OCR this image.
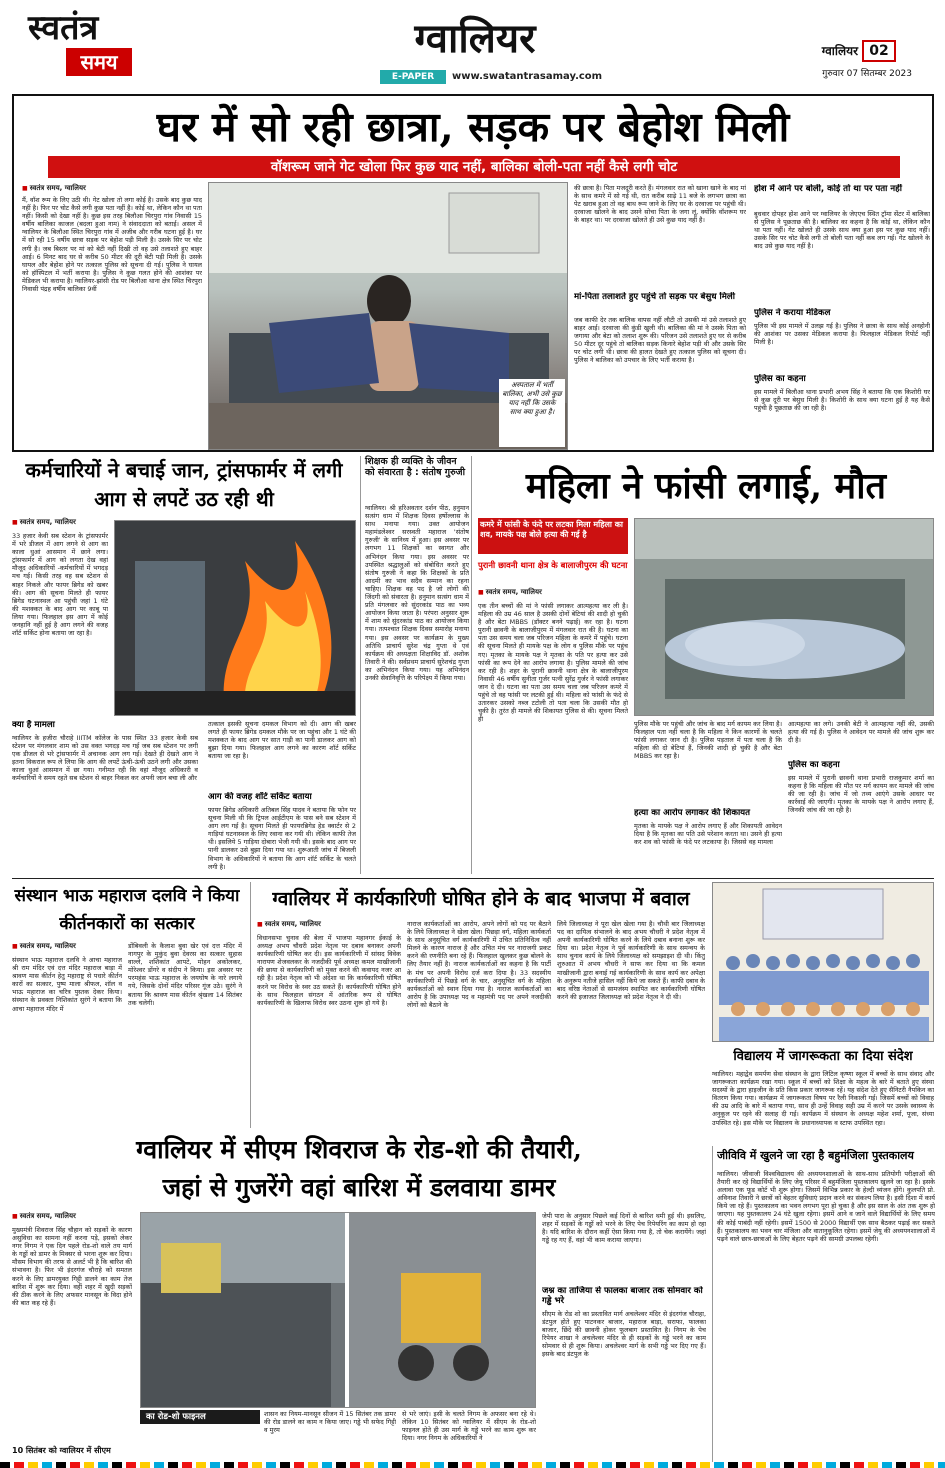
स्वतंत्र
समय	ग्वालियर
E-PAPER	www.swatantrasamay.com
ग्वालियर 02
गुरुवार 07 सितम्बर 2023
घर में सो रही छात्रा, सड़क पर बेहोश मिली
वॉशरूम जाने गेट खोला फिर कुछ याद नहीं, बालिका बोली-पता नहीं कैसे लगी चोट
■ स्वतंत्र समय, ग्वालियर
मैं, वॉश रूम के लिए उठी थी। गेट खोला तो लगा कोई है। उसके बाद कुछ याद नहीं है। फिर पर चोट कैसे लगी कुछ पता नहीं है। कोई था, लेकिन कौन था पता नहीं। किसी को देखा नहीं है। कुछ इस तरह बिलौआ चिरपुरा गांव निवासी 15 वर्षीय बालिका काजल (बदला हुआ नाम) ने संवाददाता को बताई। असल में ग्वालियर के बिलौआ स्थित चिरपुरा गांव में अजीब और गरीब घटना हुई है। घर में सो रही 15 वर्षीय छात्रा सड़क पर बेहोश पड़ी मिली है। उसके सिर पर चोट लगी है। जब बिस्तर पर मां को बेटी नहीं दिखी तो वह उसे तलाशते हुए बाहर आई। 6 मिनट बाद घर से करीब 50 मीटर की दूरी बेटी पड़ी मिली है। उसके घायल और बेहोश होने पर तत्काल पुलिस को सूचना दी गई। पुलिस ने घायल को हॉस्पिटल में भर्ती कराया है। पुलिस ने कुछ गलत होने की आशंका पर मेडिकल भी कराया है। ग्वालियर-झांसी रोड पर बिलौआ थाना क्षेत्र स्थित चिरपुरा निवासी पंद्रह वर्षीय बालिका 9वीं
अस्पताल में भर्ती बालिका, अभी उसे कुछ याद नहीं कि उसके साथ क्या हुआ है।
की छात्रा है। पिता मजदूरी करते हैं। मंगलवार रात को खाना खाने के बाद मां के साथ कमरे में सो गई थी, रात करीब साढ़े 11 बजे के लगभग छात्रा का पेट खराब हुआ तो वह बाथ रूम जाने के लिए घर के दरवाजा पर पहुंची थी। दरवाजा खोलने के बाद उसने सोचा पिता के जगा लूं, क्योंकि वॉशरूम घर के बाहर था। पर दरवाजा खोलते ही उसे कुछ याद नहीं है।
मां-पिता तलाशते हुए पहुंचे तो सड़क पर बेसुध मिली
जब काफी देर तक बालिक वापस नहीं लौटी तो उसकी मां उसे तलाशते हुए बाहर आई। दरवाजा की कुंडी खुली थी। बालिका की मां ने उसके पिता को जगाया और बेटा को तलाश शुरू की। परिजन उसे तलाशते हुए घर से करीब 50 मीटर दूर पहुंचे तो बालिका सड़क किनारे बेहोश पड़ी थी और उसके सिर पर चोट लगी थी। छात्रा की हालत देखते हुए तत्काल पुलिस को सूचना दी। पुलिस ने बालिका को उपचार के लिए भर्ती कराया है।
होश में आने पर बोली, कोई तो था पर पता नहीं
बुधवार दोपहर होश आने पर ग्वालियर के जेएएच स्थित ट्रॉमा सेंटर में बालिका से पुलिस ने पूछताछ की है। बालिका का कहना है कि कोई था, लेकिन कौन था पता नहीं। गेट खोलते ही उसके साथ क्या हुआ इस पर कुछ याद नहीं। उसके सिर पर चोट कैसे लगी तो बोली पता नहीं कब लग गई। गेट खोलने के बाद उसे कुछ याद नहीं है।
पुलिस ने कराया मेडिकल
पुलिस भी इस मामले में उलझ गई है। पुलिस ने छात्रा के साथ कोई अनहोनी की आशंका पर उसका मेडिकल कराया है। फिलहाल मेडिकल रिपोर्ट नहीं मिली है।
पुलिस का कहना
इस मामले में बिलौआ थाना प्रभारी अभय सिंह ने बताया कि एक किशोरी घर से कुछ दूरी पर बेसुध मिली है। किशोरी के साथ क्या घटना हुई है यह कैसे पहुंची है पूछताछ की जा रही है।
कर्मचारियों ने बचाई जान, ट्रांसफार्मर में लगी आग से लपटें उठ रही थी
■ स्वतंत्र समय, ग्वालियर
33 हजार केवी सब स्टेशन के ट्रांसफार्मर में भरे डीजल में आग लगने से आग का काला धुआं आसमान में छाने लगा। ट्रांसफार्मर में आग को लगता देख वहां मौजूद अधिकारियों -कर्मचारियों में भगदड़ मच गई। किसी तरह वह सब स्टेशन से बाहर निकले और फायर ब्रिगेड को खबर की। आग की सूचना मिलते ही फायर ब्रिगेड घटनास्थल आ पहुंची जहां 1 घंटे की मशक्कत के बाद आग पर काबू पा लिया गया। फिलहाल इस आग में कोई जनहानि नहीं हुई है आग लगने की वजह शॉर्ट सर्किट होना बताया जा रहा है।
क्या है मामला
ग्वालियर के हजीरा चौराहे IIITM कॉलेज के पास स्थित 33 हजार केवी सब स्टेशन पर मंगलवार शाम को उस वक्त भगदड़ मच गई जब सब स्टेशन पर लगी एक डीजल से भरे ट्रांसफार्मर में अचानक आग लग गई। देखते ही देखते आग ने इतना विकराल रूप ले लिया कि आग की लपटें ऊंची-ऊंची उठने लगी और उसका काला धुआं आसमान में छा गया। गनीमत रही कि वहां मौजूद अधिकारी व कर्मचारियों ने समय रहते सब स्टेशन से बाहर निकल कर अपनी जान बचा ली और
तत्काल इसकी सूचना दमकल विभाग को दी। आग की खबर लगते ही फायर ब्रिगेड दमकल मौके पर जा पहुंचा और 1 घंटे की मशक्कत के बाद आग पर सात गाड़ी का पानी डालकर आग को बुझा दिया गया। फिलहाल आग लगने का कारण शॉर्ट सर्किट बताया जा रहा है।
आग की वजह शॉर्ट सर्किट बताया
फायर ब्रिगेड अधिकारी अतिबल सिंह यादव ने बताया कि फोन पर सूचना मिली थी कि ट्रिपल आईटीएम के पास बने सब स्टेशन में आग लग गई है। सूचना मिलते ही फायरब्रिगेड हेड क्वार्टर से 2 गाड़ियां घटनास्थल के लिए रवाना कर गयी थी। लेकिन काफी तेज थी। इसलिये 5 गाड़िया दोबारा भेजी गयी थी। इसके बाद आग पर पानी डालकर उसे बुझा दिया गया था। शुरूआती जांच में बिजली विभाग के अधिकारियों ने बताया कि आग शॉर्ट सर्किट के चलते लगी है।
शिक्षक ही व्यक्ति के जीवन को संवारता है : संतोष गुरुजी
ग्वालियर। श्री हरिअवतार दर्शन पीठ, हनुमान सत्संग धाम में शिक्षक दिवस हर्षोल्लास के साथ मनाया गया। उक्त आयोजन महामंडलेश्वर सरस्वती महाराज 'संतोष गुरुजी' के सानिध्य में हुआ। इस अवसर पर लगभग 11 शिक्षकों का स्वागत और अभिनंदन किया गया। इस अवसर पर उपस्थित श्रद्धालुओं को संबोधित करते हुए संतोष गुरुजी ने कहा कि शिक्षकों के प्रति आदमी का भाव सदैव सम्मान का रहना चाहिए। शिक्षक वह पद है जो लोगों की जिंदगी को संवारता है। हनुमान सत्संग धाम में प्रति मंगलवार को सुंदरकांड पाठ का भव्य आयोजन किया जाता है। परंपरा अनुसार शुरू में शाम को सुंदरकांड पाठ का आयोजन किया गया। तत्पश्चात शिक्षक दिवस समारोह मनाया गया। इस अवसर पर कार्यक्रम के मुख्य अतिथि प्राचार्य सुरेश चंद्र गुप्ता थे एवं कार्यक्रम की अध्यक्षता शिक्षाविद डॉ. अशोक तिवारी ने की। सर्वप्रथम प्राचार्य सुरेशचंद्र गुप्ता का अभिनंदन किया गया। यह अभिनंदन उनकी सेवानिवृत्ति के परिपेक्ष्य में किया गया।
महिला ने फांसी लगाई, मौत
कमरे में फांसी के फंदे पर लटका मिला महिला का शव, मायके पक्ष बोले हत्या की गई है
पुरानी छावनी थाना क्षेत्र के बालाजीपुरम की घटना
■ स्वतंत्र समय, ग्वालियर
एक तीन बच्चों की मां ने फांसी लगाकर आत्महत्या कर ली है। महिला की उम्र 46 साल है उसकी दोनों बेटियां की शादी हो चुकी है और बेटा MBBS (डॉक्टर बनने पढ़ाई) कर रहा है। घटना पुरानी छावनी के बालाजीपुरम में मंगलवार रात की है। घटना का पता उस समय चला जब परिजन महिला के कमरे में पहुंचे। घटना की सूचना मिलते ही मायके पक्ष के लोग व पुलिस मौके पर पहुंच गए। मृतका के मायके पक्ष ने मृतका के पति पर हत्या कर उसे फांसी का रूप देने का आरोप लगाया है। पुलिस मामले की जांच कर रही है। शहर के पुरानी छावनी थाना क्षेत्र के बालाजीपुरम निवासी 46 वर्षीय सुनीता गुर्जर पत्नी सुरेंद्र गुर्जर ने फांसी लगाकर जान दे दी। घटना का पता उस समय चला जब परिजन कमरे में पहुंचे तो वह फांसी पर लटकी हुई थी। महिला को फांसी के फंदे से उतारकर उसको नब्ज टटोली तो पता चला कि उसकी मौत हो चुकी है। तुरंत ही मामले की शिकायत पुलिस से की। सूचना मिलते ही
पुलिस मौके पर पहुंची और जांच के बाद मर्ग कायम कर लिया है। फिलहाल पता नहीं चला है कि महिला ने किन कारणों के चलते फांसी लगाकर जान दी है। पुलिस पड़ताल में पता चला है कि महिला की दो बेटियां हैं, जिनकी शादी हो चुकी है और बेटा MBBS कर रहा है।
हत्या का आरोप लगाकर की शिकायत
मृतका के मायके पक्ष ने आरोप लगाए हैं और शिकायती आवेदन दिया है कि मृतका का पति उसे परेशान करता था। उसने ही हत्या कर शव को फांसी के फंदे पर लटकाया है। जिससे वह मामला
आत्महत्या का लगे। उनकी बेटी ने आत्महत्या नहीं की, उसकी हत्या की गई है। पुलिस ने आवेदन पर मामले की जांच शुरू कर दी है।
पुलिस का कहना
इस मामले में पुरानी छावनी थाना प्रभारी राजकुमार शर्मा का कहना है कि महिला की मौत पर मर्ग कायम कर मामले की जांच की जा रही है। जांच में जो तथ्य आएंगे उसके आधार पर कार्रवाई की जाएगी। मृतका के मायके पक्ष ने आरोप लगाए हैं, जिनकी जांच की जा रही है।
संस्थान भाऊ महाराज दलवि ने किया कीर्तनकारों का सत्कार
■ स्वतंत्र समय, ग्वालियर
संस्थान भाऊ महाराज दलवि ने आचा महाराज श्री राम मंदिर एवं दत्त मंदिर महाराज बाड़ा में श्रावण मास कीर्तन हेतु महाराष्ट्र से पधारे कीर्तन कारों का सत्कार, पुष्प माला श्रीफल, शॉल व भाऊ महाराज का चरित्र पुस्तक देकर किया। संस्थान के प्रवक्ता निशिकांत सुरंगे ने बताया कि आचा महाराज मंदिर में
डोंबिवली के कैलाश बुवा खेर एवं दत्त मंदिर में नागपुर के मुकुंद बुवा देवरस का सत्कार सुहास वाल्ले, शशिकांत आपटे, मोहन अकोलकर, मोरेश्वर डोंगरे व संदीप ने किया। इस अवसर पर परमहंस भाऊ महाराज के जयघोष के नारे लगाये गये, जिसके दोनों मंदिर परिसर गूंज उठे। सुरंगे ने बताया कि श्रावण मास कीर्तन श्रृंखला 14 सितंबर तक चलेगी।
ग्वालियर में कार्यकारिणी घोषित होने के बाद भाजपा में बवाल
■ स्वतंत्र समय, ग्वालियर
विधानसभा चुनाव की बेला में भाजपा महानगर ईकाई के अध्यक्ष अभय चौधरी प्रदेश नेतृत्व पर दबाव बनाकर अपनी कार्यकारिणी घोषित कर दी। इस कार्यकारिणी में सांसद विवेक नारायण शेजवलकर के नजदीकी पूर्व अध्यक्ष कमल माखीजानी की छाया से कार्यकारिणी को मुक्त करने की कवायद नजर आ रही है। प्रदेश नेतृत्व को भी अंदेशा था कि कार्यकारिणी घोषित करने पर विरोध के स्वर उठ सकते हैं। कार्यकारिणी घोषित होने के साथ फिलहाल संगठन में आंतरिक रूप से घोषित कार्यकारिणी के खिलाफ विरोध स्वर उठना शुरू हो गये है।
नाराज कार्यकर्ताओं का आरोप, अपने लोगों को पद पर बैठाने के लिये जिलाध्यक्ष ने खेला खेल। पिछड़ा वर्ग, महिला कार्यकर्ता के साथ अनुसूचित वर्ग कार्यकारिणी में उचित प्रतिनिधित्व नहीं मिलने के कारण नाराज है और उचित मंच पर नाराजगी प्रकट करने की रणनीति बना रहे हैं। फिलहाल खुलकर कुछ बोलने के लिए तैयार नहीं है। नाराज कार्यकर्ताओं का कहना है कि पार्टी के मंच पर अपनी विरोध दर्ज करा दिया है। 33 सदस्यीय कार्यकारिणी में पिछड़े वर्ग के चार, अनुसूचित वर्ग के महिला कार्यकर्ताओं को स्थान दिया गया है। नाराज कार्यकर्ताओं का आरोप है कि उपाध्यक्ष पद व महामंत्री पद पर अपने नजदीकी लोगों को बैठाने के
लिये जिलाध्यक्ष ने पूरा खेल खेला गया है। चौथी बार जिलाध्यक्ष पद का दायित्व संभालने के बाद अभय चौधरी ने प्रदेश नेतृत्व में अपनी कार्यकारिणी घोषित करने के लिये दबाव बनाना शुरू कर दिया था। प्रदेश नेतृत्व ने पूर्व कार्यकारिणी के साथ समन्वय के साथ चुनाव कार्य के लिये जिलाध्यक्ष को समझाइश दी थी। किंतु शुरुआत में अभय चौधरी ने साफ कर दिया था कि कमल माखीजानी द्वारा बनाई गई कार्यकारिणी के साथ कार्य कर अपेक्षा के अनुरूप नतीजे हासिल नहीं किये जा सकते हैं। काफी दबाव के बाद वरिष्ठ नेताओं से सामजंस्य स्थापित कर कार्यकारिणी घोषित करने की इजाजत जिलाध्यक्ष को प्रदेश नेतृत्व ने दी थी।
विद्यालय में जागरूकता का दिया संदेश
ग्वालियर। महाद्वेव समर्पण सेवा संस्थान के द्वारा लिटिल कृष्णा स्कूल में बच्चों के साथ संवाद और जागरूकता कार्यक्रम रखा गया। स्कूल में बच्चों को शिक्षा के महत्व के बारे में बताते हुए संस्था सदस्यों के द्वारा हाइजीन के प्रति किस प्रकार जागरूक रहें। यह संदेश देते हुए सैनिटरी नैपकिन का वितरण किया गया। कार्यक्रम में जागरूकता विषय पर रैली निकाली गई। जिसमें बच्चों को विवाह की उम्र आदि के बारे में बताया गया, साथ ही उन्हें विवाह सही उम्र में करने पर उसके स्वास्थ्य के अनुकूल पर रहने की सलाह दी गई। कार्यक्रम में संस्थान के अध्यक्ष महेश शर्मा, पूजा, संध्या उपस्थित रहे। इस मौके पर विद्यालय के प्रधानाध्यापक व स्टाफ उपस्थित रहा।
ग्वालियर में सीएम शिवराज के रोड-शो की तैयारी,
जहां से गुजरेंगे वहां बारिश में डलवाया डामर
■ स्वतंत्र समय, ग्वालियर
मुख्यमंत्री शिवराज सिंह चौहान को सड़कों के कारण असुविधा का सामना नहीं करना पड़े, इसको लेकर नगर निगम ने एक दिन पहले रोड-शो वाले तय मार्ग के गड्ढों को डामर के मिक्सर से भरना शुरू कर दिया। मौसम विभाग की तरफ से अलर्ट भी है कि बारिश की संभावना है। फिर भी इंदरगंज चौराहे को समतल करने के लिए डामरयुक्त गिट्टी डालने का काम तेज बारिश में शुरू कर दिया। वहीं शहर में खुदी सड़कों की ठीक करने के लिए अफसर मानसून के विदा होने की बात कह रहे हैं।
10 सितंबर को ग्वालियर में सीएम
का रोड-शो फाइनल	शासन का नियम-मानसून सीजन में 15 सितंबर तक डामर की रोड डालने का काम न किया जाए। गड्ढे भी सफेद गिट्टी व मुरम
से भरे जाएं। इसी के चलते निगम के अफसर बना रहे थे। लेकिन 10 सितंबर को ग्वालियर में सीएम के रोड-शो फाइनल होते ही उस मार्ग के गड्ढे भरने का काम शुरू कर दिया। नगर निगम के अधिकारियों ने
जेपी पारा के अनुसार पिछले कई दिनों से बारिश थमी हुई थी। इसलिए, शहर में सड़कों के गड्ढों को भरने के लिए पेच रिपेयरिंग का काम हो रहा है। यदि बारिश के दौरान कहीं ऐसा किया गया है, तो चेक करायेंगे। जहां गड्ढे रह गए हैं, वहां भी काम कराया जाएगा।
जश्न का ताजिया से फालका बाजार तक सोमवार को गड्ढे भरे
सीएम के रोड शो का प्रस्तावित मार्ग अचलेश्वर मंदिर से इंदरगंज चौराहा, डंटपुल होते हुए पाटनकर बाजार, महाराज बाड़ा, सराफा, फालका बाजार, छिंदे की छावनी होकर फूलबाग प्रस्तावित है। निगम के पेच रिपेयर शाखा ने अचलेश्वर मंदिर से ही सड़कों के गड्ढे भरने का काम सोमवार से ही शुरू किया। अचलेश्वर मार्ग के सभी गड्ढे भर दिए गए हैं। इसके बाद डंटपुल के
जीविवि में खुलने जा रहा है बहुमंजिला पुस्तकालय
ग्वालियर। जीवाजी विश्वविद्यालय की अध्ययनशालाओं के साथ-साथ प्रतियोगी परीक्षाओं की तैयारी कर रहे विद्यार्थियों के लिए जेयू परिसर में बहुमंजिला पुस्तकालय खुलने जा रहा है। इसके अलावा एक फूड कोर्ट भी शुरू होगा। जिसमें विभिन्न प्रकार के हेल्दी व्यंजन होंगे। कुलपति प्रो. अविनाश तिवारी ने छात्रों को बेहतर सुविधाएं प्रदान करने का संकल्प लिया है। इसी दिशा में कार्य किये जा रहे हैं। पुस्तकालय का भवन लगभग पूरा हो चुका है और इस साल के अंत तक शुरू हो जाएगा। यह पुस्तकालय 24 घंटे खुला रहेगा। इसमें आने व जाने वाले विद्यार्थियों के लिए समय की कोई पाबंदी नहीं रहेगी। इसमें 1500 से 2000 विद्यार्थी एक साथ बैठकर पढ़ाई कर सकते हैं। पुस्तकालय का भवन चार मंजिला और वातानुकूलित रहेगा। इसमें जेयू की अध्ययनशालाओं में पढ़ने वाले छात्र-छात्राओं के लिए बेहतर पढ़ने की सामग्री उपलब्ध रहेगी।
